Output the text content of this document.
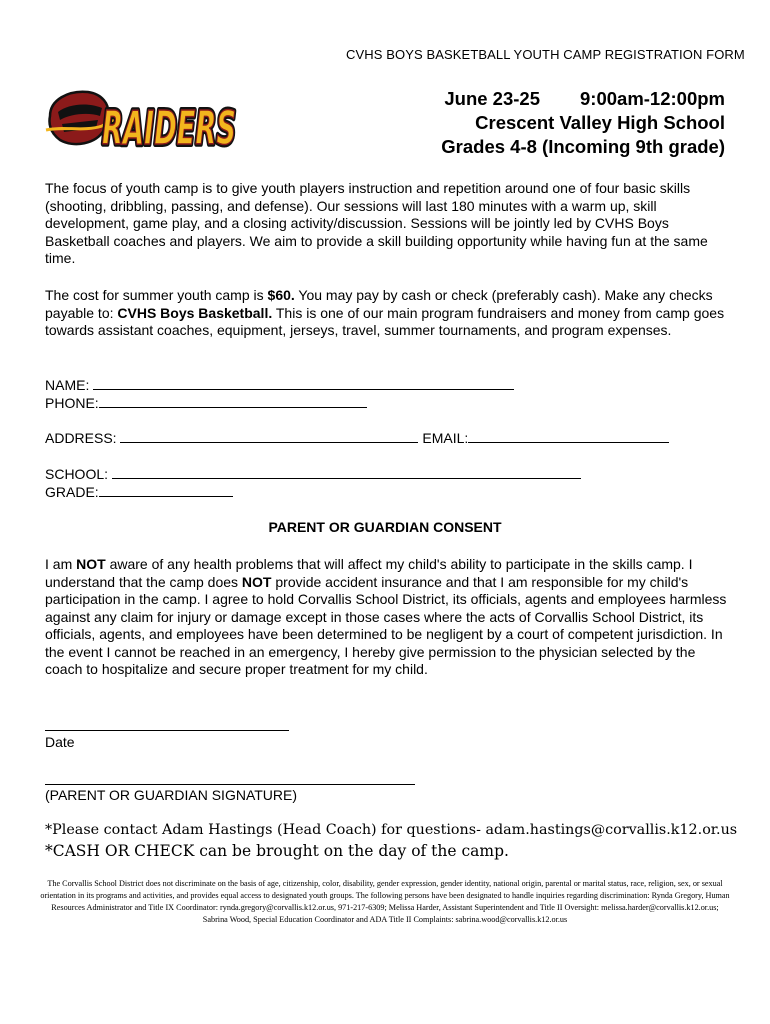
CVHS BOYS BASKETBALL YOUTH CAMP REGISTRATION FORM
RAIDERS
RAIDERS
June 23-25 9:00am-12:00pm
Crescent Valley High School
Grades 4-8 (Incoming 9th grade)

The focus of youth camp is to give youth players instruction and repetition around one of four basic skills (shooting, dribbling, passing, and defense). Our sessions will last 180 minutes with a warm up, skill development, game play, and a closing activity/discussion. Sessions will be jointly led by CVHS Boys Basketball coaches and players. We aim to provide a skill building opportunity while having fun at the same time.

The cost for summer youth camp is $60. You may pay by cash or check (preferably cash). Make any checks payable to: CVHS Boys Basketball. This is one of our main program fundraisers and money from camp goes towards assistant coaches, equipment, jerseys, travel, summer tournaments, and program expenses.

NAME:
PHONE:
ADDRESS:	EMAIL:
SCHOOL:
GRADE:
PARENT OR GUARDIAN CONSENT

I am NOT aware of any health problems that will affect my child's ability to participate in the skills camp. I understand that the camp does NOT provide accident insurance and that I am responsible for my child's participation in the camp. I agree to hold Corvallis School District, its officials, agents and employees harmless against any claim for injury or damage except in those cases where the acts of Corvallis School District, its officials, agents, and employees have been determined to be negligent by a court of competent jurisdiction. In the event I cannot be reached in an emergency, I hereby give permission to the physician selected by the coach to hospitalize and secure proper treatment for my child.

Date
(PARENT OR GUARDIAN SIGNATURE)
*Please contact Adam Hastings (Head Coach) for questions- adam.hastings@corvallis.k12.or.us
*CASH OR CHECK can be brought on the day of the camp.
The Corvallis School District does not discriminate on the basis of age, citizenship, color, disability, gender expression, gender identity, national origin, parental or marital status, race, religion, sex, or sexual orientation in its programs and activities, and provides equal access to designated youth groups. The following persons have been designated to handle inquiries regarding discrimination: Rynda Gregory, Human Resources Administrator and Title IX Coordinator: rynda.gregory@corvallis.k12.or.us, 971-217-6309; Melissa Harder, Assistant Superintendent and Title II Oversight: melissa.harder@corvallis.k12.or.us; Sabrina Wood, Special Education Coordinator and ADA Title II Complaints: sabrina.wood@corvallis.k12.or.us
